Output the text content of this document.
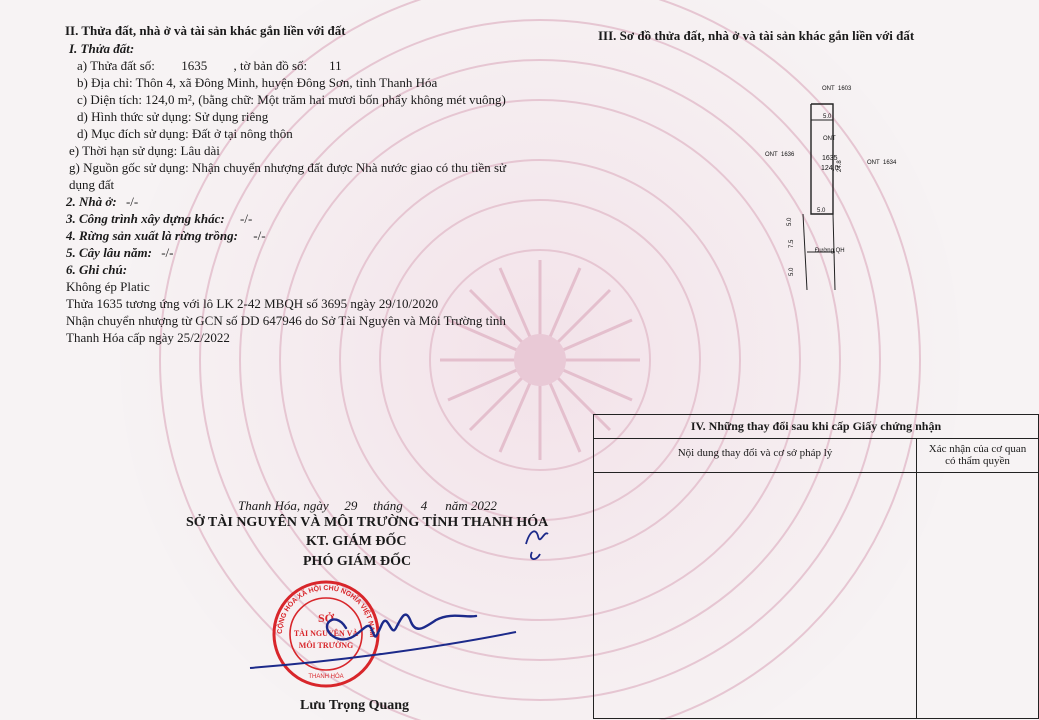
II. Thửa đất, nhà ở và tài sản khác gắn liền với đất
I. Thửa đất:
a) Thửa đất số: 1635 , tờ bản đồ số: 11
b) Địa chỉ: Thôn 4, xã Đông Minh, huyện Đông Sơn, tỉnh Thanh Hóa
c) Diện tích: 124,0 m², (bằng chữ: Một trăm hai mươi bốn phẩy không mét vuông)
d) Hình thức sử dụng: Sử dụng riêng
d) Mục đích sử dụng: Đất ở tại nông thôn
e) Thời hạn sử dụng: Lâu dài
g) Nguồn gốc sử dụng: Nhận chuyển nhượng đất được Nhà nước giao có thu tiền sử
dụng đất
2. Nhà ở: -/-
3. Công trình xây dựng khác: -/-
4. Rừng sản xuất là rừng trồng: -/-
5. Cây lâu năm: -/-
6. Ghi chú:
Không ép Platic
Thửa 1635 tương ứng với lô LK 2-42 MBQH số 3695 ngày 29/10/2020
Nhận chuyển nhượng từ GCN số DD 647946 do Sở Tài Nguyên và Môi Trường tỉnh
Thanh Hóa cấp ngày 25/2/2022
III. Sơ đồ thửa đất, nhà ở và tài sản khác gắn liền với đất
ONT 1603
5.0
ONT
1635
124,0
24.8
ONT 1636
ONT 1634
5.0
Đường QH
5.0
7.5
5.0
IV. Những thay đổi sau khi cấp Giấy chứng nhận	
Nội dung thay đổi và cơ sở pháp lý	Xác nhận của cơ quan
có thẩm quyền

Thanh Hóa, ngày 29 tháng 4 năm 2022
SỞ TÀI NGUYÊN VÀ MÔI TRƯỜNG TỈNH THANH HÓA
KT. GIÁM ĐỐC
PHÓ GIÁM ĐỐC
CỘNG HÒA XÃ HỘI CHỦ NGHĨA VIỆT NAM
SỞ
TÀI NGUYÊN VÀ
MÔI TRƯỜNG
THANH HÓA
Lưu Trọng Quang
